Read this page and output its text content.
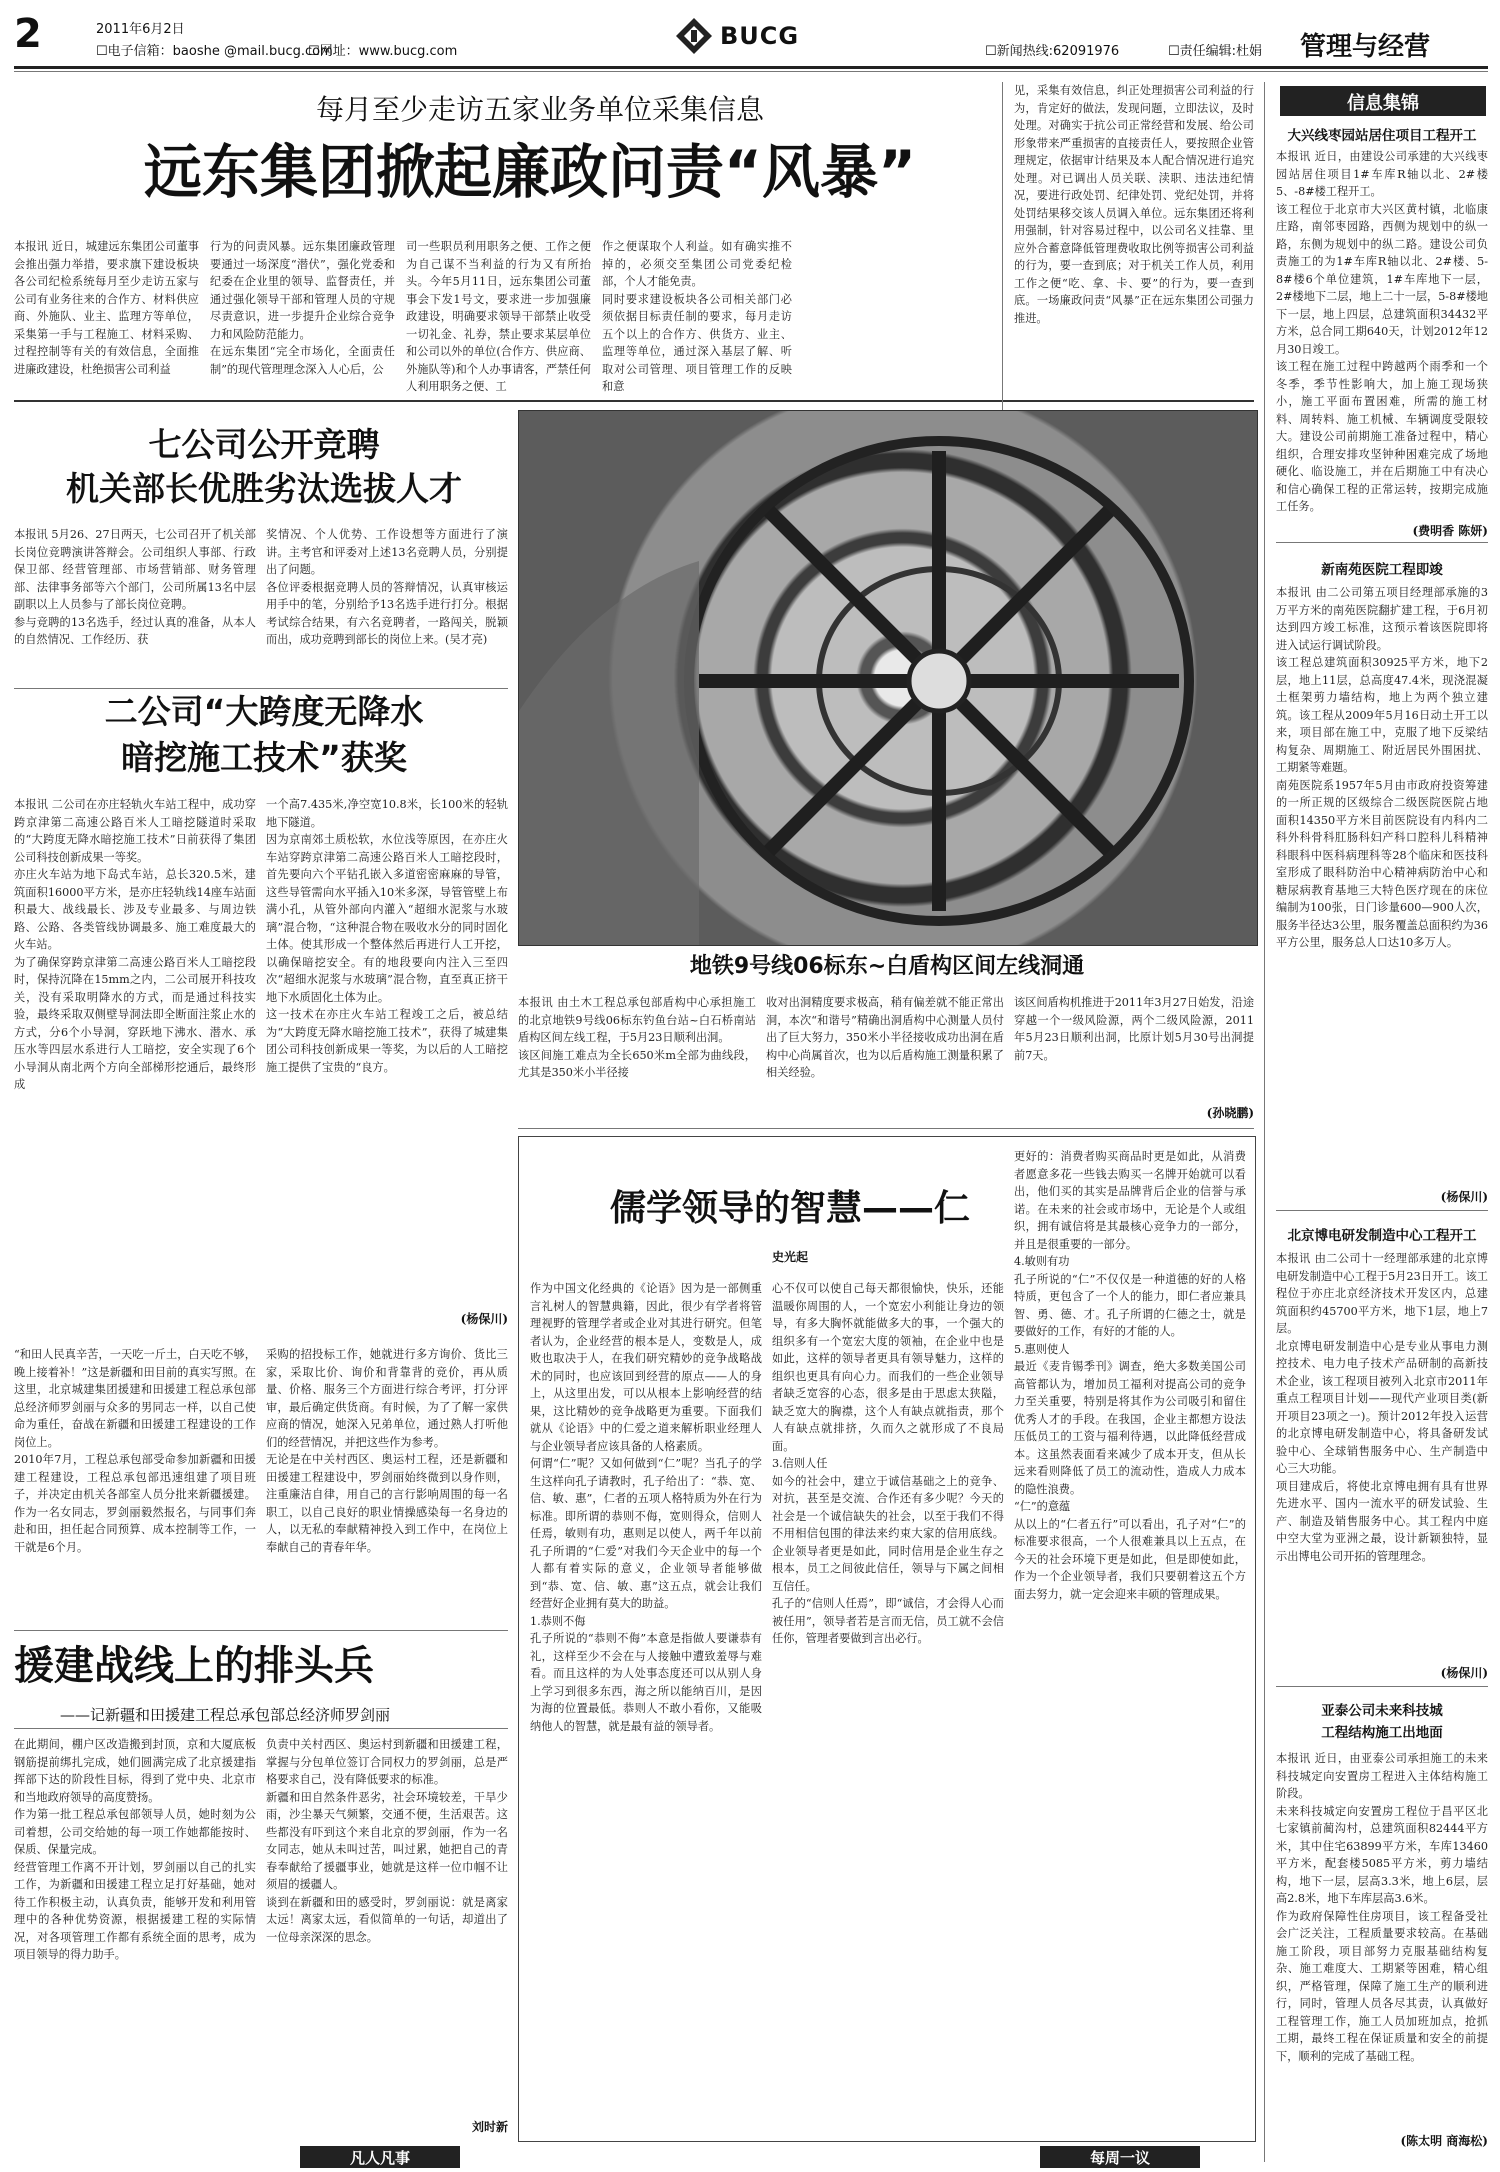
2	2011年6月2日
☐电子信箱：baoshe @mail.bucg.com
☐网址：www.bucg.com
BUCG
☐新闻热线:62091976	☐责任编辑:杜娟 管理与经营
每月至少走访五家业务单位采集信息
远东集团掀起廉政问责“风暴”
本报讯 近日，城建远东集团公司董事会推出强力举措，要求旗下建设板块各公司纪检系统每月至少走访五家与公司有业务往来的合作方、材料供应商、外施队、业主、监理方等单位，采集第一手与工程施工、材料采购、过程控制等有关的有效信息，全面推进廉政建设，杜绝损害公司利益
行为的问责风暴。远东集团廉政管理要通过一场深度“潜伏”，强化党委和纪委在企业里的领导、监督责任，并通过强化领导干部和管理人员的守规尽责意识，进一步提升企业综合竞争力和风险防范能力。
在远东集团“完全市场化，全面责任制”的现代管理理念深入人心后，公
司一些职员利用职务之便、工作之便为自己谋不当利益的行为又有所抬头。今年5月11日，远东集团公司董事会下发1号文，要求进一步加强廉政建设，明确要求领导干部禁止收受一切礼金、礼券，禁止要求某层单位和公司以外的单位(合作方、供应商、外施队等)和个人办事请客，严禁任何人利用职务之便、工
作之便谋取个人利益。如有确实推不掉的，必须交至集团公司党委纪检部，个人才能免责。
同时要求建设板块各公司相关部门必须依据目标责任制的要求，每月走访五个以上的合作方、供货方、业主、监理等单位，通过深入基层了解、听取对公司管理、项目管理工作的反映和意
见，采集有效信息，纠正处理损害公司利益的行为，肯定好的做法，发现问题，立即法议，及时处理。对确实于抗公司正常经营和发展、给公司形象带来严重损害的直接责任人，要按照企业管理规定，依据审计结果及本人配合情况进行追究处理。对已调出人员关联、渎职、违法违纪情况，要进行政处罚、纪律处罚、党纪处罚，并将处罚结果移交该人员调入单位。远东集团还将利用强制，针对容易过程中，以公司名义挂靠、里应外合蓄意降低管理费收取比例等损害公司利益的行为，要一查到底；对于机关工作人员，利用工作之便“吃、拿、卡、要”的行为，要一查到底。一场廉政问责“风暴”正在远东集团公司强力推进。
七公司公开竞聘
机关部长优胜劣汰选拔人才
本报讯 5月26、27日两天，七公司召开了机关部长岗位竞聘演讲答辩会。公司组织人事部、行政保卫部、经营管理部、市场营销部、财务管理部、法律事务部等六个部门，公司所属13名中层副职以上人员参与了部长岗位竞聘。
参与竞聘的13名选手，经过认真的准备，从本人的自然情况、工作经历、获
奖情况、个人优势、工作设想等方面进行了演讲。主考官和评委对上述13名竞聘人员，分别提出了问题。
各位评委根据竞聘人员的答辩情况，认真审核运用手中的笔，分别给予13名选手进行打分。根据考试综合结果，有六名竞聘者，一路闯关，脱颖而出，成功竞聘到部长的岗位上来。(吴才亮)
二公司“大跨度无降水
暗挖施工技术”获奖
本报讯 二公司在亦庄轻轨火车站工程中，成功穿跨京津第二高速公路百米人工暗挖隧道时采取的“大跨度无降水暗挖施工技术”日前获得了集团公司科技创新成果一等奖。
亦庄火车站为地下岛式车站，总长320.5米，建筑面积16000平方米，是亦庄轻轨线14座车站面积最大、战线最长、涉及专业最多、与周边铁路、公路、各类管线协调最多、施工难度最大的火车站。
为了确保穿跨京津第二高速公路百米人工暗挖段时，保持沉降在15mm之内，二公司展开科技攻关，没有采取明降水的方式，而是通过科技实验，最终采取双侧壁导洞法即全断面注浆止水的方式，分6个小导洞，穿跃地下沸水、潜水、承压水等四层水系进行人工暗挖，安全实现了6个小导洞从南北两个方向全部梯形挖通后，最终形成
一个高7.435米,净空宽10.8米，长100米的轻轨地下隧道。
因为京南郊土质松软，水位浅等原因，在亦庄火车站穿跨京津第二高速公路百米人工暗挖段时，首先要向六个平钻孔嵌入多道密密麻麻的导管，这些导管需向水平插入10米多深，导管管壁上布满小孔，从管外部向内灌入“超细水泥浆与水玻璃”混合物，“这种混合物在吸收水分的同时固化土体。使其形成一个整体然后再进行人工开挖，以确保暗挖安全。有的地段要向内注入三至四次“超细水泥浆与水玻璃”混合物，直至真正挤干地下水质固化土体为止。
这一技术在亦庄火车站工程竣工之后，被总结为“大跨度无降水暗挖施工技术”，获得了城建集团公司科技创新成果一等奖，为以后的人工暗挖施工提供了宝贵的“良方。
(杨保川)
地铁9号线06标东~白盾构区间左线洞通
本报讯 由土木工程总承包部盾构中心承担施工的北京地铁9号线06标东钓鱼台站~白石桥南站盾构区间左线工程，于5月23日顺利出洞。
该区间施工难点为全长650米m全部为曲线段，尤其是350米小半径接
收对出洞精度要求极高，稍有偏差就不能正常出洞，本次“和谐号”精确出洞盾构中心测量人员付出了巨大努力，350米小半径接收成功出洞在盾构中心尚属首次，也为以后盾构施工测量积累了相关经验。
该区间盾构机推进于2011年3月27日始发，沿途穿越一个一级风险源，两个二级风险源，2011年5月23日顺利出洞，比原计划5月30号出洞提前7天。
(孙晓鹏)
儒学领导的智慧——仁
史光起
作为中国文化经典的《论语》因为是一部侧重言礼树人的智慧典籍，因此，很少有学者将管理视野的管理学者或企业对其进行研究。但笔者认为，企业经营的根本是人，变数是人，成败也取决于人，在我们研究精妙的竞争战略战术的同时，也应该回到经营的原点——人的身上，从这里出发，可以从根本上影响经营的结果，这比精妙的竞争战略更为重要。下面我们就从《论语》中的仁爱之道来解析职业经理人与企业领导者应该具备的人格素质。
何谓“仁”呢？又如何做到“仁”呢？当孔子的学生这样向孔子请教时，孔子给出了：“恭、宽、信、敏、惠”，仁者的五项人格特质为外在行为标准。即所谓的恭则不侮，宽则得众，信则人任焉，敏则有功，惠则足以使人，两千年以前孔子所谓的“仁爱”对我们今天企业中的每一个人都有着实际的意义，企业领导者能够做到“恭、宽、信、敏、惠”这五点，就会让我们经营好企业拥有莫大的助益。
1.恭则不侮
孔子所说的“恭则不侮”本意是指做人要谦恭有礼，这样至少不会在与人接触中遭致羞辱与难看。而且这样的为人处事态度还可以从别人身上学习到很多东西，海之所以能纳百川，是因为海的位置最低。恭则人不敢小看你，又能吸纳他人的智慧，就是最有益的领导者。
心不仅可以使自己每天都很愉快，快乐，还能温暖你周围的人，一个宽宏小利能让身边的领导，有多大胸怀就能做多大的事，一个强大的组织多有一个宽宏大度的领袖，在企业中也是如此，这样的领导者更具有领导魅力，这样的组织也更具有向心力。而我们的一些企业领导者缺乏宽容的心态，很多是由于思虑太狭隘，缺乏宽大的胸襟，这个人有缺点就指责，那个人有缺点就排挤，久而久之就形成了不良局面。
3.信则人任
如今的社会中，建立于诚信基础之上的竞争、对抗，甚至是交流、合作还有多少呢？今天的社会是一个诚信缺失的社会，以至于我们不得不用相信包围的律法来约束大家的信用底线。企业领导者更是如此，同时信用是企业生存之根本，员工之间彼此信任，领导与下属之间相互信任。
孔子的“信则人任焉”，即“诚信，才会得人心而被任用”，领导者若是言而无信，员工就不会信任你，管理者要做到言出必行。
更好的：消费者购买商品时更是如此，从消费者愿意多花一些钱去购买一名牌开始就可以看出，他们买的其实是品牌背后企业的信誉与承诺。在未来的社会或市场中，无论是个人或组织，拥有诚信将是其最核心竞争力的一部分，并且是很重要的一部分。
4.敏则有功
孔子所说的“仁”不仅仅是一种道德的好的人格特质，更包含了一个人的能力，即仁者应兼具智、勇、德、才。孔子所谓的仁德之士，就是要做好的工作，有好的才能的人。
5.惠则使人
最近《麦肯锡季刊》调查，绝大多数美国公司高管都认为，增加员工福利对提高公司的竞争力至关重要，特别是将其作为公司吸引和留住优秀人才的手段。在我国，企业主都想方设法压低员工的工资与福利待遇，以此降低经营成本。这虽然表面看来减少了成本开支，但从长远来看则降低了员工的流动性，造成人力成本的隐性浪费。
“仁”的意蕴
从以上的“仁者五行”可以看出，孔子对“仁”的标准要求很高，一个人很难兼具以上五点，在今天的社会环境下更是如此，但是即使如此，作为一个企业领导者，我们只要朝着这五个方面去努力，就一定会迎来丰硕的管理成果。
“和田人民真辛苦，一天吃一斤土，白天吃不够，晚上接着补！”这是新疆和田目前的真实写照。在这里，北京城建集团援建和田援建工程总承包部总经济师罗剑丽与众多的男同志一样，以自己使命为重任，奋战在新疆和田援建工程建设的工作岗位上。
2010年7月，工程总承包部受命参加新疆和田援建工程建设，工程总承包部迅速组建了项目班子，并决定由机关各部室人员分批来新疆援建。作为一名女同志，罗剑丽毅然报名，与同事们奔赴和田，担任起合同预算、成本控制等工作，一干就是6个月。
采购的招投标工作，她就进行多方询价、货比三家，采取比价、询价和背靠背的竞价，再从质量、价格、服务三个方面进行综合考评，打分评审，最后确定供货商。有时候，为了了解一家供应商的情况，她深入兄弟单位，通过熟人打听他们的经营情况，并把这些作为参考。
无论是在中关村西区、奥运村工程，还是新疆和田援建工程建设中，罗剑丽始终微到以身作则，注重廉洁自律，用自己的言行影响周围的每一名职工，以自己良好的职业情操感染每一名身边的人，以无私的奉献精神投入到工作中，在岗位上奉献自己的青春年华。
援建战线上的排头兵
——记新疆和田援建工程总承包部总经济师罗剑丽
在此期间，棚户区改造搬到封顶，京和大厦底板钢筋提前绑扎完成，她们圆满完成了北京援建指挥部下达的阶段性目标，得到了党中央、北京市和当地政府领导的高度赞扬。
作为第一批工程总承包部领导人员，她时刻为公司着想，公司交给她的每一项工作她都能按时、保质、保量完成。
经营管理工作离不开计划，罗剑丽以自己的扎实工作，为新疆和田援建工程立足打好基础，她对待工作积极主动，认真负责，能够开发和利用管理中的各种优势资源，根据援建工程的实际情况，对各项管理工作都有系统全面的思考，成为项目领导的得力助手。
负责中关村西区、奥运村到新疆和田援建工程，掌握与分包单位签订合同权力的罗剑丽，总是严格要求自己，没有降低要求的标准。
新疆和田自然条件恶劣，社会环境较差，干旱少雨，沙尘暴天气频繁，交通不便，生活艰苦。这些都没有吓到这个来自北京的罗剑丽，作为一名女同志，她从未叫过苦，叫过累，她把自己的青春奉献给了援疆事业，她就是这样一位巾帼不让须眉的援疆人。
谈到在新疆和田的感受时，罗剑丽说：就是离家太远！离家太远，看似简单的一句话，却道出了一位母亲深深的思念。
刘时新
信息集锦
大兴线枣园站居住项目工程开工
本报讯 近日，由建设公司承建的大兴线枣园站居住项目1#车库R轴以北、2#楼5、-8#楼工程开工。
该工程位于北京市大兴区黄村镇，北临康庄路，南邻枣园路，西侧为规划中的纵一路，东侧为规划中的纵二路。建设公司负责施工的为1#车库R轴以北、2#楼、5-8#楼6个单位建筑，1#车库地下一层，2#楼地下二层，地上二十一层，5-8#楼地下一层，地上四层，总建筑面积34432平方米，总合同工期640天，计划2012年12月30日竣工。
该工程在施工过程中跨越两个雨季和一个冬季，季节性影响大，加上施工现场狭小，施工平面布置困难，所需的施工材料、周转料、施工机械、车辆调度受限较大。建设公司前期施工准备过程中，精心组织，合理安排攻坚钟种困难完成了场地硬化、临设施工，并在后期施工中有决心和信心确保工程的正常运转，按期完成施工任务。
(费明香 陈妍)
新南苑医院工程即竣
本报讯 由二公司第五项目经理部承施的3万平方米的南苑医院翻扩建工程，于6月初达到四方竣工标准，这预示着该医院即将进入试运行调试阶段。
该工程总建筑面积30925平方米，地下2层，地上11层，总高度47.4米，现浇混凝土框架剪力墙结构，地上为两个独立建筑。该工程从2009年5月16日动土开工以来，项目部在施工中，克服了地下反梁结构复杂、周期施工、附近居民外围困扰、工期紧等难题。
南苑医院系1957年5月由市政府投资筹建的一所正规的区级综合二级医院医院占地面积14350平方米目前医院设有内科内二科外科骨科肛肠科妇产科口腔科儿科精神科眼科中医科病理科等28个临床和医技科室形成了眼科防治中心精神病防治中心和糖尿病教育基地三大特色医疗现在的床位编制为100张，日门诊量600—900人次，服务半径达3公里，服务覆盖总面积约为36平方公里，服务总人口达10多万人。
(杨保川)
北京博电研发制造中心工程开工
本报讯 由二公司十一经理部承建的北京博电研发制造中心工程于5月23日开工。该工程位于亦庄北京经济技术开发区内，总建筑面积约45700平方米，地下1层，地上7层。
北京博电研发制造中心是专业从事电力测控技术、电力电子技术产品研制的高新技术企业，该工程项目被列入北京市2011年重点工程项目计划——现代产业项目类(新开项目23项之一)。预计2012年投入运营的北京博电研发制造中心，将具备研发试验中心、全球销售服务中心、生产制造中心三大功能。
项目建成后，将使北京博电拥有具有世界先进水平、国内一流水平的研发试验、生产、制造及销售服务中心。其工程内中庭中空大堂为亚洲之最，设计新颖独特，显示出博电公司开拓的管理理念。
(杨保川)
亚泰公司未来科技城
工程结构施工出地面
本报讯 近日，由亚泰公司承担施工的未来科技城定向安置房工程进入主体结构施工阶段。
未来科技城定向安置房工程位于昌平区北七家镇前蔺沟村，总建筑面积82444平方米，其中住宅63899平方米，车库13460平方米，配套楼5085平方米，剪力墙结构，地下一层，层高3.3米，地上6层，层高2.8米，地下车库层高3.6米。
作为政府保障性住房项目，该工程备受社会广泛关注，工程质量要求较高。在基础施工阶段，项目部努力克服基础结构复杂、施工难度大、工期紧等困难，精心组织，严格管理，保障了施工生产的顺利进行，同时，管理人员各尽其责，认真做好工程管理工作，施工人员加班加点，抢抓工期，最终工程在保证质量和安全的前提下，顺利的完成了基础工程。
(陈太明 商海松)
凡人凡事	每周一议
